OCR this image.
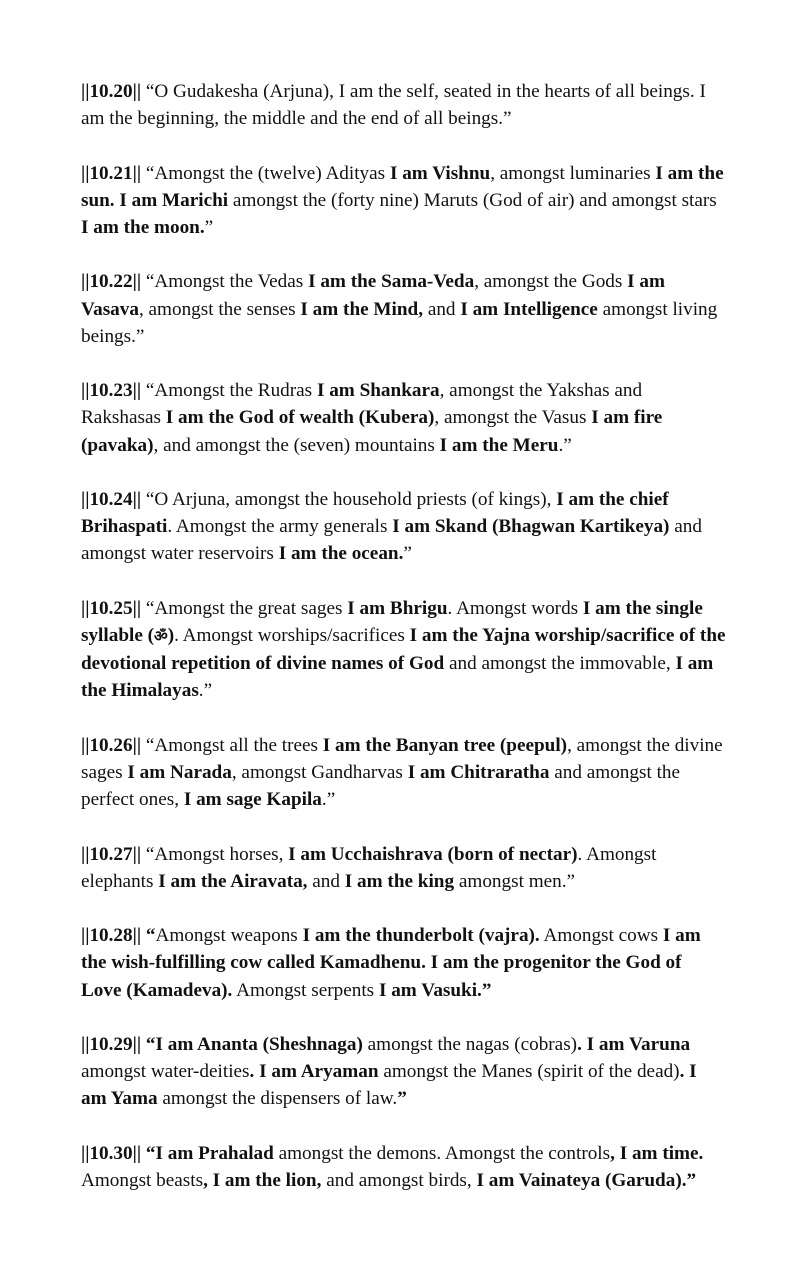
||10.20|| “O Gudakesha (Arjuna), I am the self, seated in the hearts of all beings. I am the beginning, the middle and the end of all beings.”

||10.21|| “Amongst the (twelve) Adityas I am Vishnu, amongst luminaries I am the sun. I am Marichi amongst the (forty nine) Maruts (God of air) and amongst stars I am the moon.”

||10.22|| “Amongst the Vedas I am the Sama-Veda, amongst the Gods I am Vasava, amongst the senses I am the Mind, and I am Intelligence amongst living beings.”

||10.23|| “Amongst the Rudras I am Shankara, amongst the Yakshas and Rakshasas I am the God of wealth (Kubera), amongst the Vasus I am fire (pavaka), and amongst the (seven) mountains I am the Meru.”

||10.24|| “O Arjuna, amongst the household priests (of kings), I am the chief Brihaspati. Amongst the army generals I am Skand (Bhagwan Kartikeya) and amongst water reservoirs I am the ocean.”

||10.25|| “Amongst the great sages I am Bhrigu. Amongst words I am the single syllable (ॐ). Amongst worships/sacrifices I am the Yajna worship/sacrifice of the devotional repetition of divine names of God and amongst the immovable, I am the Himalayas.”

||10.26|| “Amongst all the trees I am the Banyan tree (peepul), amongst the divine sages I am Narada, amongst Gandharvas I am Chitraratha and amongst the perfect ones, I am sage Kapila.”

||10.27|| “Amongst horses, I am Ucchaishrava (born of nectar). Amongst elephants I am the Airavata, and I am the king amongst men.”

||10.28|| “Amongst weapons I am the thunderbolt (vajra). Amongst cows I am the wish-fulfilling cow called Kamadhenu. I am the progenitor the God of Love (Kamadeva). Amongst serpents I am Vasuki.”

||10.29|| “I am Ananta (Sheshnaga) amongst the nagas (cobras). I am Varuna amongst water-deities. I am Aryaman amongst the Manes (spirit of the dead). I am Yama amongst the dispensers of law.”

||10.30|| “I am Prahalad amongst the demons. Amongst the controls, I am time. Amongst beasts, I am the lion, and amongst birds, I am Vainateya (Garuda).”
